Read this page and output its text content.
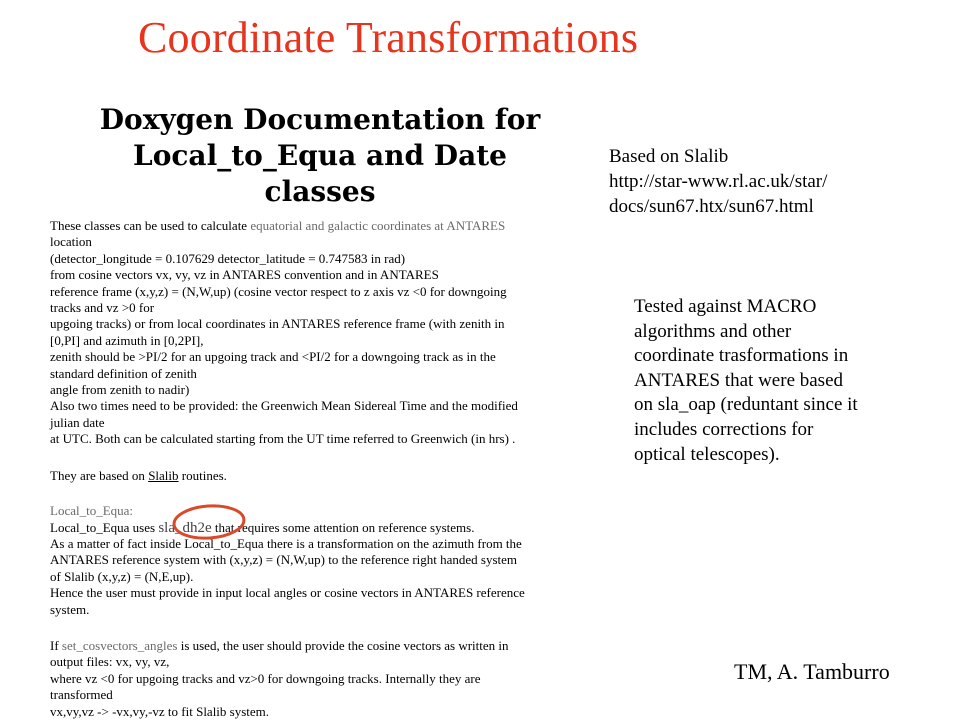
Coordinate Transformations
Doxygen Documentation for
Local_to_Equa and Date
classes
These classes can be used to calculate equatorial and galactic coordinates at ANTARES
location
(detector_longitude = 0.107629 detector_latitude = 0.747583 in rad)
from cosine vectors vx, vy, vz in ANTARES convention and in ANTARES
reference frame (x,y,z) = (N,W,up) (cosine vector respect to z axis vz <0 for downgoing
tracks and vz >0 for
upgoing tracks) or from local coordinates in ANTARES reference frame (with zenith in
[0,PI] and azimuth in [0,2PI],
zenith should be >PI/2 for an upgoing track and <PI/2 for a downgoing track as in the
standard definition of zenith
angle from zenith to nadir)
Also two times need to be provided: the Greenwich Mean Sidereal Time and the modified
julian date
at UTC. Both can be calculated starting from the UT time referred to Greenwich (in hrs) .
They are based on Slalib routines.
Local_to_Equa:
Local_to_Equa uses sla_dh2e that requires some attention on reference systems.
As a matter of fact inside Local_to_Equa there is a transformation on the azimuth from the
ANTARES reference system with (x,y,z) = (N,W,up) to the reference right handed system
of Slalib (x,y,z) = (N,E,up).
Hence the user must provide in input local angles or cosine vectors in ANTARES reference
system.
If set_cosvectors_angles is used, the user should provide the cosine vectors as written in
output files: vx, vy, vz,
where vz <0 for upgoing tracks and vz>0 for downgoing tracks. Internally they are
transformed
vx,vy,vz -> -vx,vy,-vz to fit Slalib system.
Based on Slalib
http://star-www.rl.ac.uk/star/
docs/sun67.htx/sun67.html
Tested against MACRO
algorithms and other
coordinate trasformations in
ANTARES that were based
on sla_oap (reduntant since it
includes corrections for
optical telescopes).
TM, A. Tamburro
